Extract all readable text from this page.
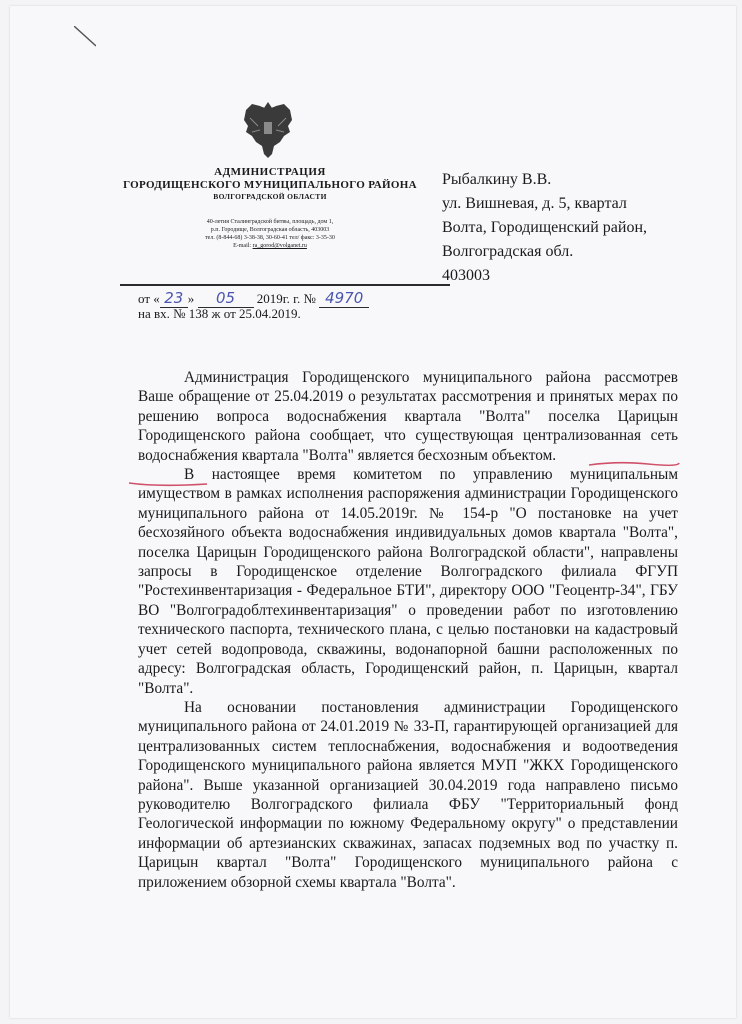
АДМИНИСТРАЦИЯ
ГОРОДИЩЕНСКОГО МУНИЦИПАЛЬНОГО РАЙОНА
ВОЛГОГРАДСКОЙ ОБЛАСТИ
40-летия Сталинградской битвы, площадь, дом 1,
р.п. Городище, Волгоградская область, 403003
тел. (8-844-68) 3-38-38, 30-60-41 тел/ факс: 3-35-30
E-mail: ra_gorod@volganet.ru
Рыбалкину В.В.
ул. Вишневая, д. 5, квартал
Волта, Городищенский район,
Волгоградская обл.
403003
от « 23 » 05 2019г. г. № 4970
на вх. № 138 ж от 25.04.2019.

Администрация Городищенского муниципального района рассмотрев Ваше обращение от 25.04.2019 о результатах рассмотрения и принятых мерах по решению вопроса водоснабжения квартала "Волта" поселка Царицын Городищенского района сообщает, что существующая централизованная сеть водоснабжения квартала "Волта" является бесхозным объектом.

В настоящее время комитетом по управлению муниципальным имуществом в рамках исполнения распоряжения администрации Городищенского муниципального района от 14.05.2019г. № 154-р "О постановке на учет бесхозяйного объекта водоснабжения индивидуальных домов квартала "Волта", поселка Царицын Городищенского района Волгоградской области", направлены запросы в Городищенское отделение Волгоградского филиала ФГУП "Ростехинвентаризация - Федеральное БТИ", директору ООО "Геоцентр-34", ГБУ ВО "Волгоградоблтехинвентаризация" о проведении работ по изготовлению технического паспорта, технического плана, с целью постановки на кадастровый учет сетей водопровода, скважины, водонапорной башни расположенных по адресу: Волгоградская область, Городищенский район, п. Царицын, квартал "Волта".

На основании постановления администрации Городищенского муниципального района от 24.01.2019 № 33-П, гарантирующей организацией для централизованных систем теплоснабжения, водоснабжения и водоотведения Городищенского муниципального района является МУП "ЖКХ Городищенского района". Выше указанной организацией 30.04.2019 года направлено письмо руководителю Волгоградского филиала ФБУ "Территориальный фонд Геологической информации по южному Федеральному округу" о представлении информации об артезианских скважинах, запасах подземных вод по участку п. Царицын квартал "Волта" Городищенского муниципального района с приложением обзорной схемы квартала "Волта".
